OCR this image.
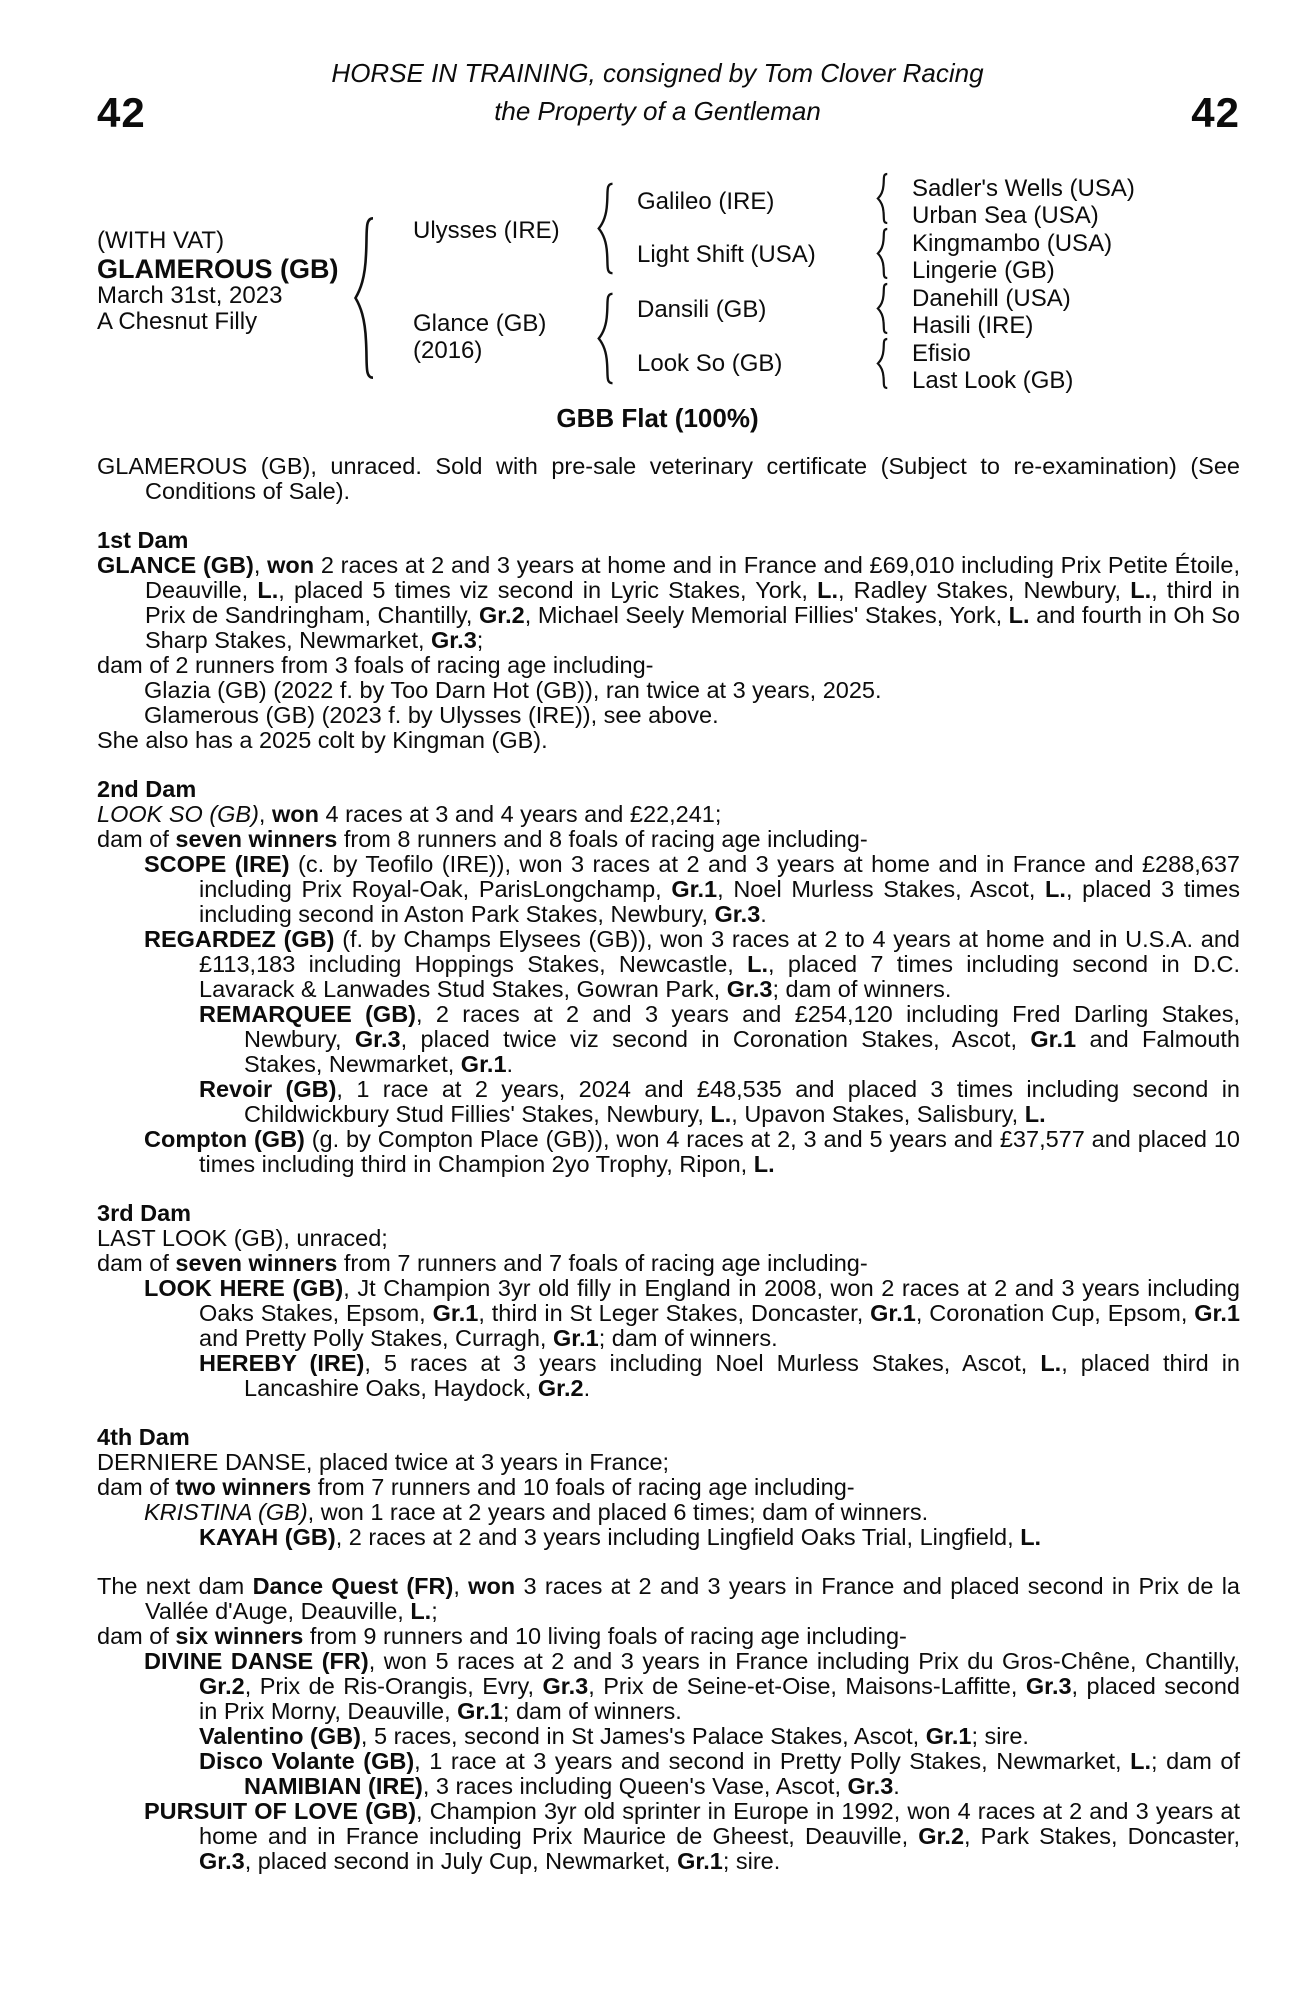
HORSE IN TRAINING, consigned by Tom Clover Racing
42	the Property of a Gentleman	42
(WITH VAT)
GLAMEROUS (GB)
March 31st, 2023
A Chesnut Filly
Ulysses (IRE)
Glance (GB)
(2016)
Galileo (IRE)
Light Shift (USA)
Dansili (GB)
Look So (GB)
Sadler's Wells (USA)
Urban Sea (USA)
Kingmambo (USA)
Lingerie (GB)
Danehill (USA)
Hasili (IRE)
Efisio
Last Look (GB)
GBB Flat (100%)
GLAMEROUS (GB), unraced. Sold with pre-sale veterinary certificate (Subject to re-examination) (See Conditions of Sale).
1st Dam
GLANCE (GB), won 2 races at 2 and 3 years at home and in France and £69,010 including Prix Petite Étoile, Deauville, L., placed 5 times viz second in Lyric Stakes, York, L., Radley Stakes, Newbury, L., third in Prix de Sandringham, Chantilly, Gr.2, Michael Seely Memorial Fillies' Stakes, York, L. and fourth in Oh So Sharp Stakes, Newmarket, Gr.3;
dam of 2 runners from 3 foals of racing age including-
Glazia (GB) (2022 f. by Too Darn Hot (GB)), ran twice at 3 years, 2025.
Glamerous (GB) (2023 f. by Ulysses (IRE)), see above.
She also has a 2025 colt by Kingman (GB).
2nd Dam
LOOK SO (GB), won 4 races at 3 and 4 years and £22,241;
dam of seven winners from 8 runners and 8 foals of racing age including-
SCOPE (IRE) (c. by Teofilo (IRE)), won 3 races at 2 and 3 years at home and in France and £288,637 including Prix Royal-Oak, ParisLongchamp, Gr.1, Noel Murless Stakes, Ascot, L., placed 3 times including second in Aston Park Stakes, Newbury, Gr.3.
REGARDEZ (GB) (f. by Champs Elysees (GB)), won 3 races at 2 to 4 years at home and in U.S.A. and £113,183 including Hoppings Stakes, Newcastle, L., placed 7 times including second in D.C. Lavarack & Lanwades Stud Stakes, Gowran Park, Gr.3; dam of winners.
REMARQUEE (GB), 2 races at 2 and 3 years and £254,120 including Fred Darling Stakes, Newbury, Gr.3, placed twice viz second in Coronation Stakes, Ascot, Gr.1 and Falmouth Stakes, Newmarket, Gr.1.
Revoir (GB), 1 race at 2 years, 2024 and £48,535 and placed 3 times including second in Childwickbury Stud Fillies' Stakes, Newbury, L., Upavon Stakes, Salisbury, L.
Compton (GB) (g. by Compton Place (GB)), won 4 races at 2, 3 and 5 years and £37,577 and placed 10 times including third in Champion 2yo Trophy, Ripon, L.
3rd Dam
LAST LOOK (GB), unraced;
dam of seven winners from 7 runners and 7 foals of racing age including-
LOOK HERE (GB), Jt Champion 3yr old filly in England in 2008, won 2 races at 2 and 3 years including Oaks Stakes, Epsom, Gr.1, third in St Leger Stakes, Doncaster, Gr.1, Coronation Cup, Epsom, Gr.1 and Pretty Polly Stakes, Curragh, Gr.1; dam of winners.
HEREBY (IRE), 5 races at 3 years including Noel Murless Stakes, Ascot, L., placed third in Lancashire Oaks, Haydock, Gr.2.
4th Dam
DERNIERE DANSE, placed twice at 3 years in France;
dam of two winners from 7 runners and 10 foals of racing age including-
KRISTINA (GB), won 1 race at 2 years and placed 6 times; dam of winners.
KAYAH (GB), 2 races at 2 and 3 years including Lingfield Oaks Trial, Lingfield, L.
The next dam Dance Quest (FR), won 3 races at 2 and 3 years in France and placed second in Prix de la Vallée d'Auge, Deauville, L.;
dam of six winners from 9 runners and 10 living foals of racing age including-
DIVINE DANSE (FR), won 5 races at 2 and 3 years in France including Prix du Gros-Chêne, Chantilly, Gr.2, Prix de Ris-Orangis, Evry, Gr.3, Prix de Seine-et-Oise, Maisons-Laffitte, Gr.3, placed second in Prix Morny, Deauville, Gr.1; dam of winners.
Valentino (GB), 5 races, second in St James's Palace Stakes, Ascot, Gr.1; sire.
Disco Volante (GB), 1 race at 3 years and second in Pretty Polly Stakes, Newmarket, L.; dam of NAMIBIAN (IRE), 3 races including Queen's Vase, Ascot, Gr.3.
PURSUIT OF LOVE (GB), Champion 3yr old sprinter in Europe in 1992, won 4 races at 2 and 3 years at home and in France including Prix Maurice de Gheest, Deauville, Gr.2, Park Stakes, Doncaster, Gr.3, placed second in July Cup, Newmarket, Gr.1; sire.
